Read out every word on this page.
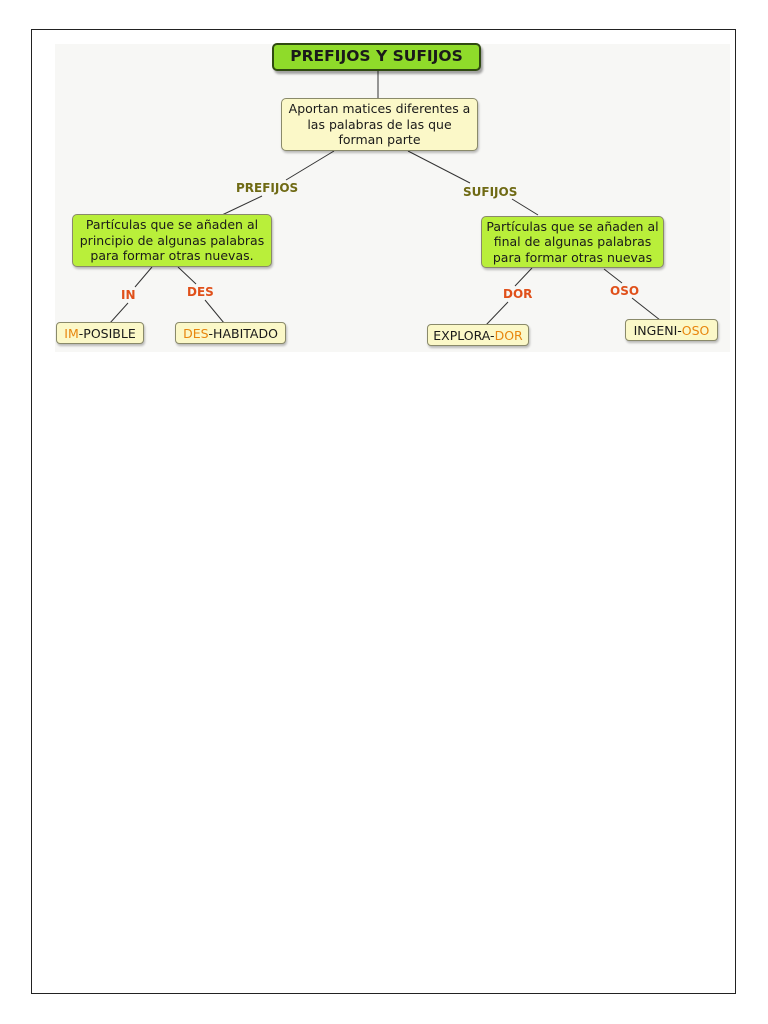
PREFIJOS Y SUFIJOS
Aportan matices diferentes a las palabras de las que forman parte
PREFIJOS	SUFIJOS
Partículas que se añaden al principio de algunas palabras para formar otras nuevas.
Partículas que se añaden al final de algunas palabras para formar otras nuevas
IN	DES	DOR	OSO
IM -POSIBLE	DES -HABITADO	EXPLORA- DOR	INGENI- OSO
